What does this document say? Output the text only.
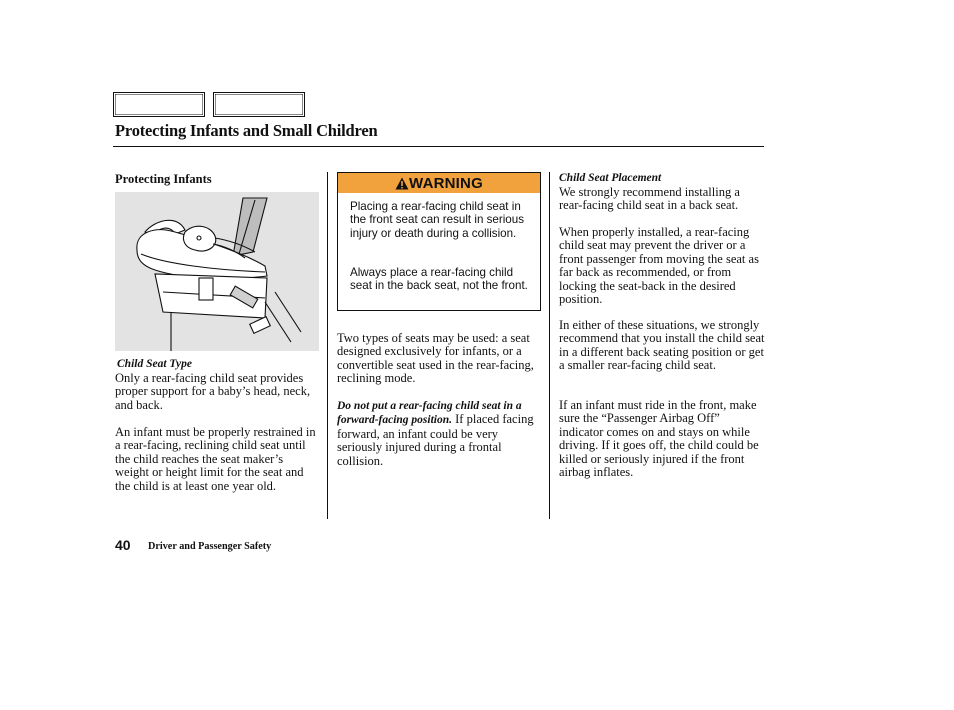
Protecting Infants and Small Children
Protecting Infants
Child Seat Type

Only a rear-facing child seat provides proper support for a baby’s head, neck, and back.

An infant must be properly restrained in a rear-facing, reclining child seat until the child reaches the seat maker’s weight or height limit for the seat and the child is at least one year old.

WARNING

Placing a rear-facing child seat in the front seat can result in serious injury or death during a collision.

Always place a rear-facing child seat in the back seat, not the front.

Two types of seats may be used: a seat designed exclusively for infants, or a convertible seat used in the rear-facing, reclining mode.

Do not put a rear-facing child seat in a forward-facing position. If placed facing forward, an infant could be very seriously injured during a frontal collision.

Child Seat Placement

We strongly recommend installing a rear-facing child seat in a back seat.

When properly installed, a rear-facing child seat may prevent the driver or a front passenger from moving the seat as far back as recommended, or from locking the seat-back in the desired position.

In either of these situations, we strongly recommend that you install the child seat in a different back seating position or get a smaller rear-facing child seat.

If an infant must ride in the front, make sure the “Passenger Airbag Off” indicator comes on and stays on while driving. If it goes off, the child could be killed or seriously injured if the front airbag inflates.

40 Driver and Passenger Safety
